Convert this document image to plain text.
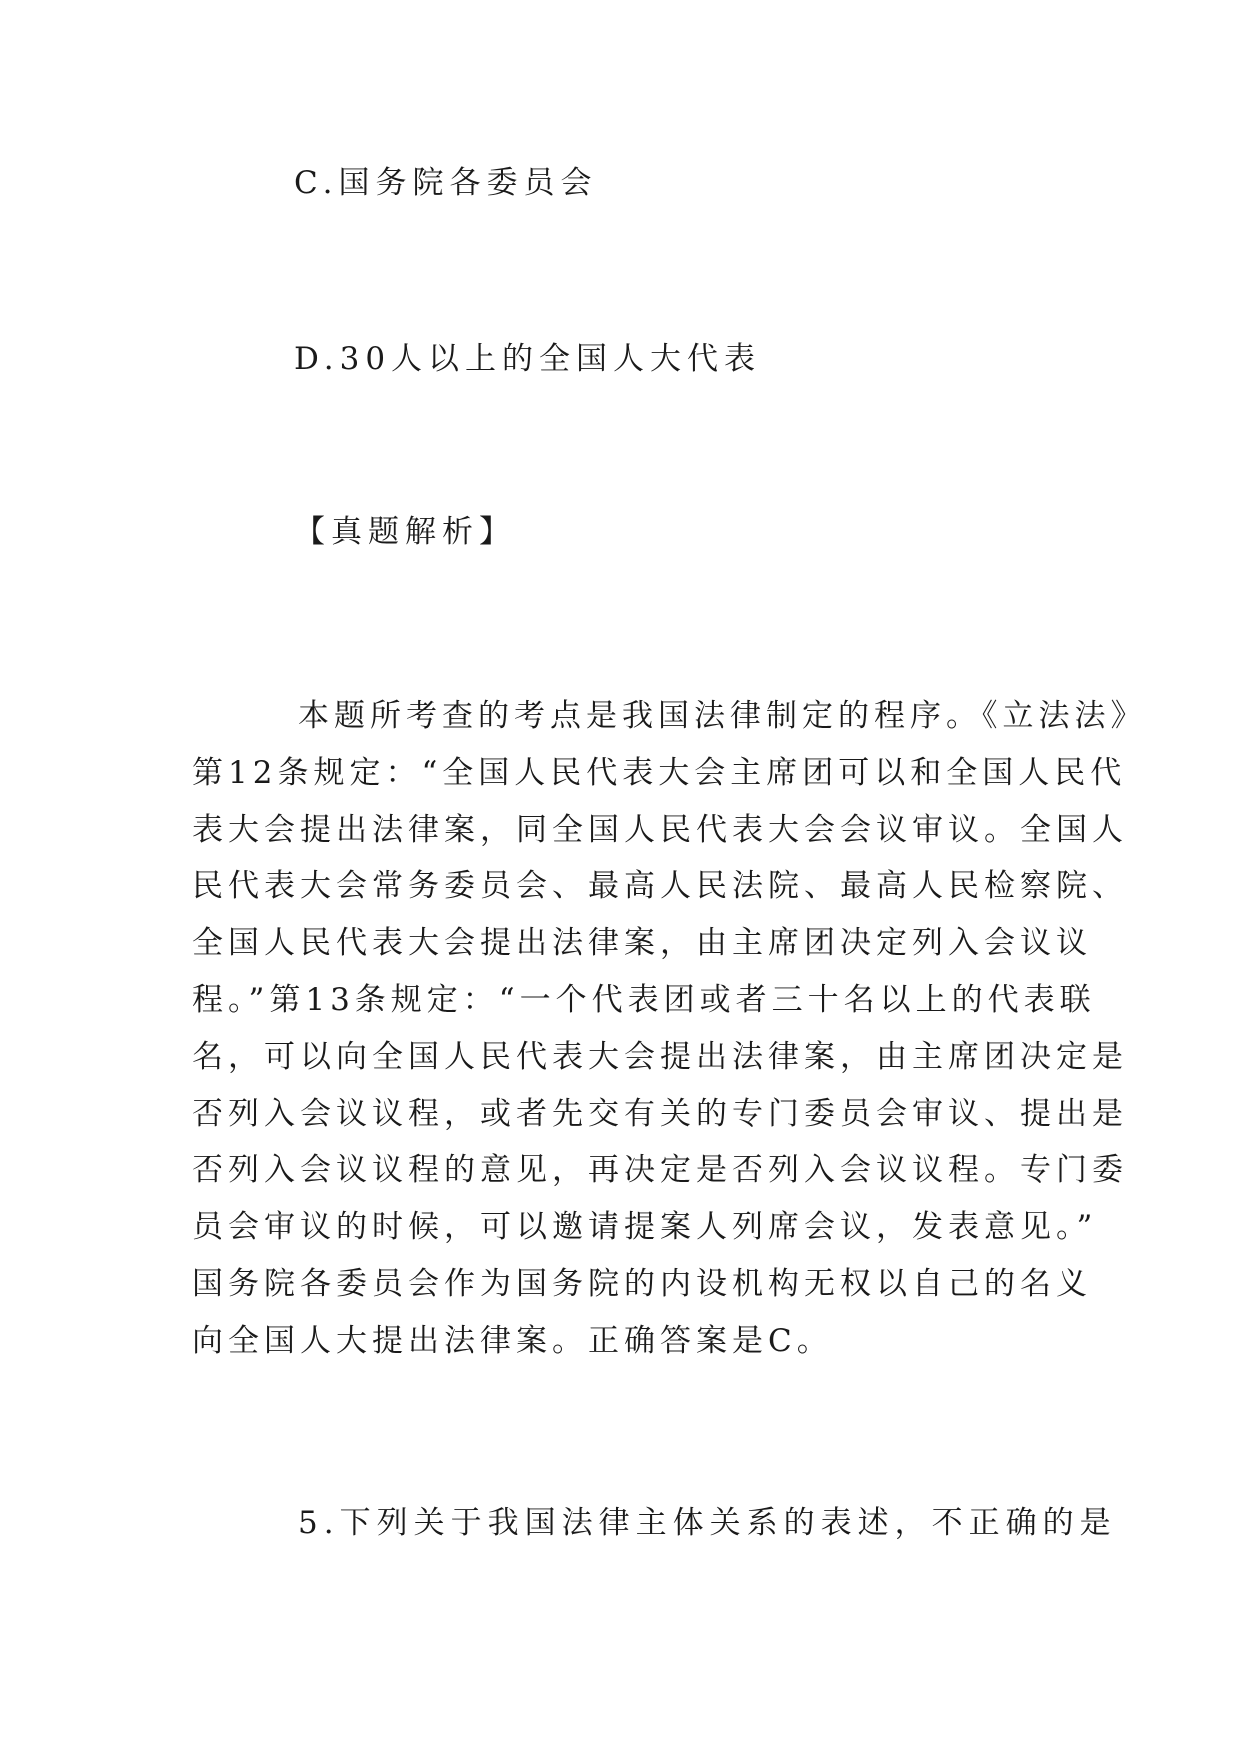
C.国务院各委员会
D.30人以上的全国人大代表
【真题解析】
本题所考查的考点是我国法律制定的程序。《立法法》
第12条规定：“全国人民代表大会主席团可以和全国人民代
表大会提出法律案，同全国人民代表大会会议审议。全国人
民代表大会常务委员会、最高人民法院、最高人民检察院、
全国人民代表大会提出法律案，由主席团决定列入会议议
程。”第13条规定：“一个代表团或者三十名以上的代表联
名，可以向全国人民代表大会提出法律案，由主席团决定是
否列入会议议程，或者先交有关的专门委员会审议、提出是
否列入会议议程的意见，再决定是否列入会议议程。专门委
员会审议的时候，可以邀请提案人列席会议，发表意见。”
国务院各委员会作为国务院的内设机构无权以自己的名义
向全国人大提出法律案。正确答案是C。
5.下列关于我国法律主体关系的表述，不正确的是
